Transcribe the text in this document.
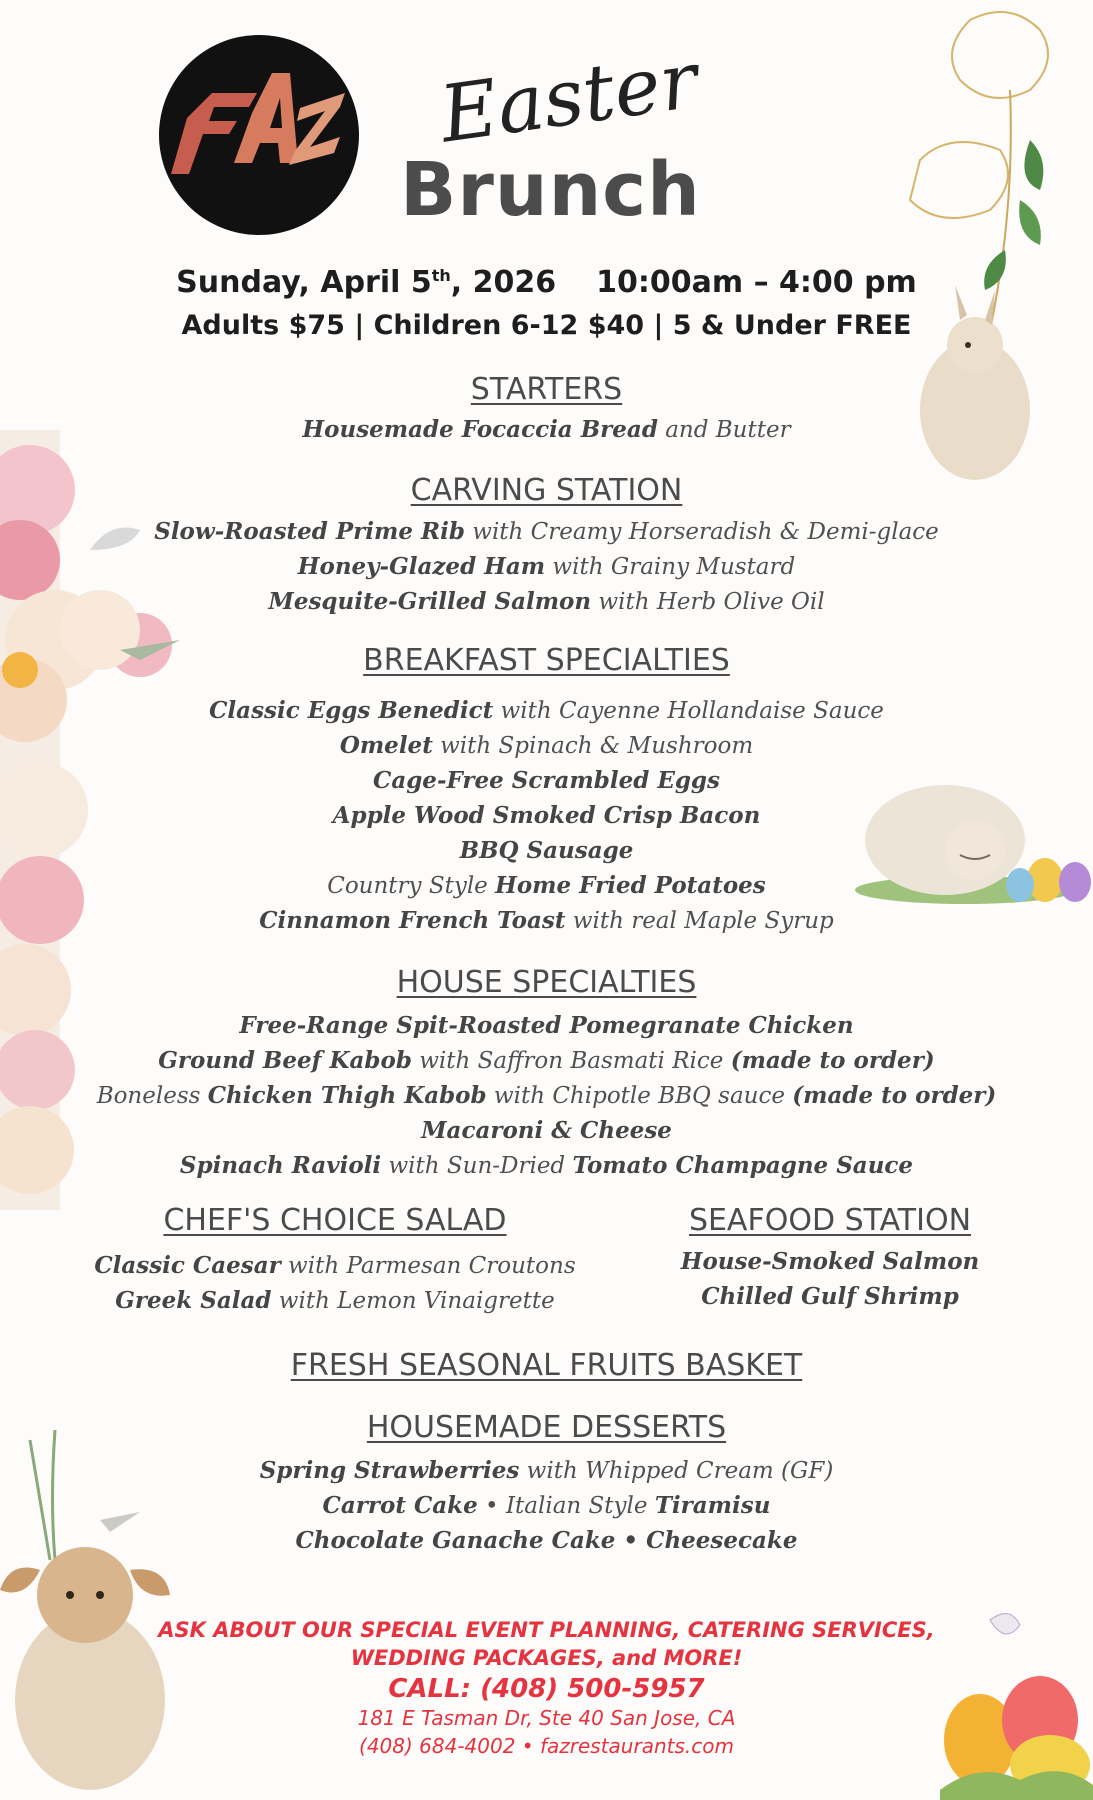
Easter
Brunch
Sunday, April 5th, 2026 10:00am – 4:00 pm
Adults $75 | Children 6-12 $40 | 5 & Under FREE
STARTERS
Housemade Focaccia Bread and Butter
CARVING STATION
Slow-Roasted Prime Rib with Creamy Horseradish & Demi-glace
Honey-Glazed Ham with Grainy Mustard
Mesquite-Grilled Salmon with Herb Olive Oil
BREAKFAST SPECIALTIES
Classic Eggs Benedict with Cayenne Hollandaise Sauce
Omelet with Spinach & Mushroom
Cage-Free Scrambled Eggs
Apple Wood Smoked Crisp Bacon
BBQ Sausage
Country Style Home Fried Potatoes
Cinnamon French Toast with real Maple Syrup
HOUSE SPECIALTIES
Free-Range Spit-Roasted Pomegranate Chicken
Ground Beef Kabob with Saffron Basmati Rice (made to order)
Boneless Chicken Thigh Kabob with Chipotle BBQ sauce (made to order)
Macaroni & Cheese
Spinach Ravioli with Sun-Dried Tomato Champagne Sauce
CHEF'S CHOICE SALAD
Classic Caesar with Parmesan Croutons
Greek Salad with Lemon Vinaigrette
SEAFOOD STATION
House-Smoked Salmon
Chilled Gulf Shrimp
FRESH SEASONAL FRUITS BASKET
HOUSEMADE DESSERTS
Spring Strawberries with Whipped Cream (GF)
Carrot Cake • Italian Style Tiramisu
Chocolate Ganache Cake • Cheesecake
ASK ABOUT OUR SPECIAL EVENT PLANNING, CATERING SERVICES,
WEDDING PACKAGES, and MORE!
CALL: (408) 500-5957
181 E Tasman Dr, Ste 40 San Jose, CA
(408) 684-4002 • fazrestaurants.com
